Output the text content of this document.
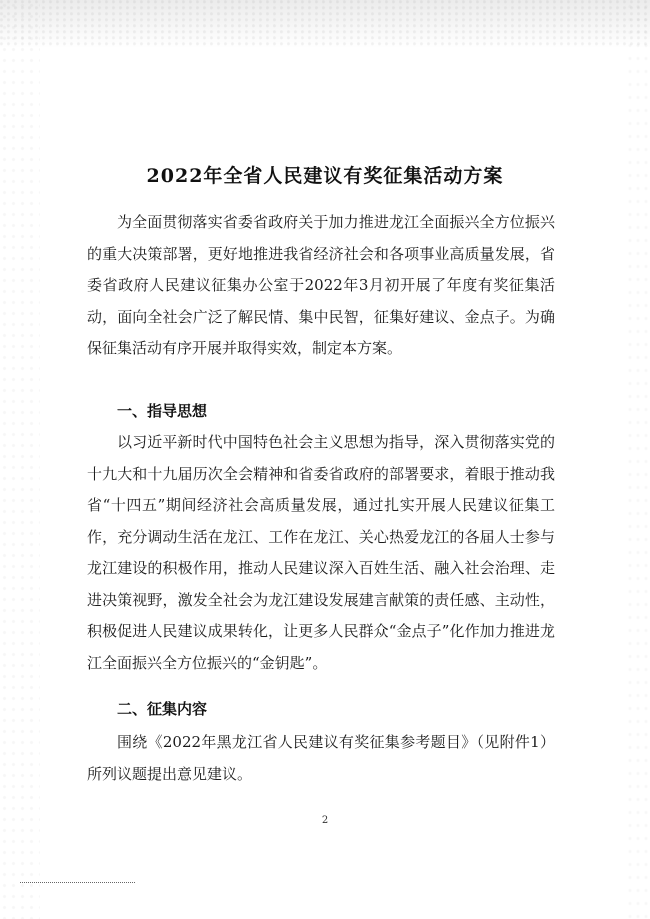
2022年全省人民建议有奖征集活动方案

为全面贯彻落实省委省政府关于加力推进龙江全面振兴全方位振兴的重大决策部署，更好地推进我省经济社会和各项事业高质量发展，省委省政府人民建议征集办公室于2022年3月初开展了年度有奖征集活动，面向全社会广泛了解民情、集中民智，征集好建议、金点子。为确保征集活动有序开展并取得实效，制定本方案。

一、指导思想

以习近平新时代中国特色社会主义思想为指导，深入贯彻落实党的十九大和十九届历次全会精神和省委省政府的部署要求，着眼于推动我省“十四五”期间经济社会高质量发展，通过扎实开展人民建议征集工作，充分调动生活在龙江、工作在龙江、关心热爱龙江的各届人士参与龙江建设的积极作用，推动人民建议深入百姓生活、融入社会治理、走进决策视野，激发全社会为龙江建设发展建言献策的责任感、主动性，积极促进人民建议成果转化，让更多人民群众“金点子”化作加力推进龙江全面振兴全方位振兴的“金钥匙”。

二、征集内容

围绕《2022年黑龙江省人民建议有奖征集参考题目》（见附件1）所列议题提出意见建议。

2
